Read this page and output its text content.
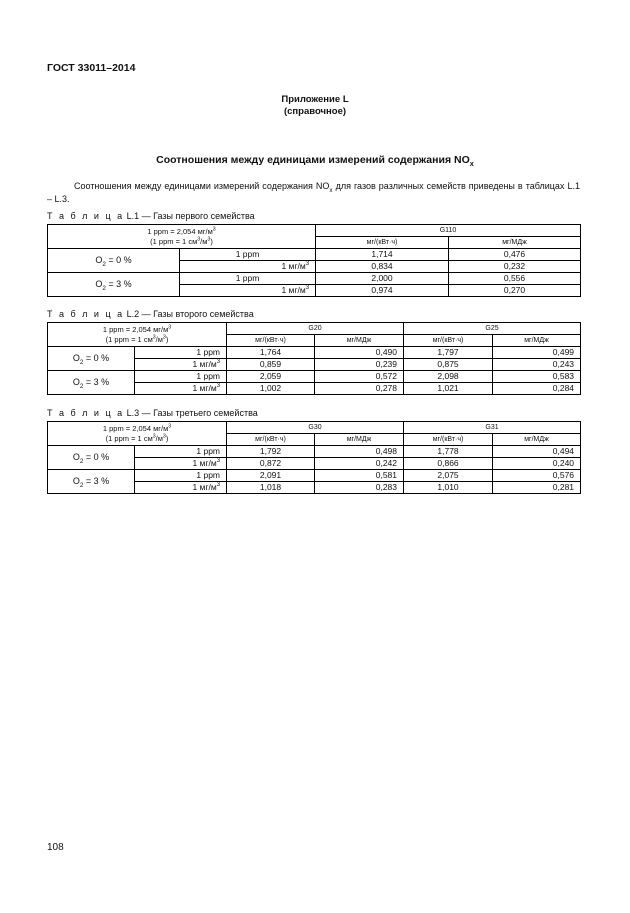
ГОСТ 33011–2014
Приложение L
(справочное)
Соотношения между единицами измерений содержания $NO_x$
Соотношения между единицами измерений содержания $NO_x$ для газов различных семейств приведены в таблицах L.1 – L.3.
Т а б л и ц а L.1 — Газы первого семейства
1 ppm = 2,054 $мг/м^3$
(1 ppm = 1 $см^3/м^3$)		G110	
		мг/(кВт·ч)	мг/МДж
$O_2 = 0$ %	1 ppm	1,714	0,476
	1 $мг/м^3$	0,834	0,232
$O_2 = 3$ %	1 ppm	2,000	0,556
	1 $мг/м^3$	0,974	0,270
Т а б л и ц а L.2 — Газы второго семейства
1 ppm = 2,054 $мг/м^3$
(1 ppm = 1 $см^3/м^3$)		G20		G25	
		мг/(кВт·ч)	мг/МДж	мг/(кВт·ч)	мг/МДж
$O_2 = 0$ %	1 ppm	1,764	0,490	1,797	0,499
	1 $мг/м^3$	0,859	0,239	0,875	0,243
$O_2 = 3$ %	1 ppm	2,059	0,572	2,098	0,583
	1 $мг/м^3$	1,002	0,278	1,021	0,284
Т а б л и ц а L.3 — Газы третьего семейства
1 ppm = 2,054 $мг/м^3$
(1 ppm = 1 $см^3/м^3$)		G30		G31	
		мг/(кВт·ч)	мг/МДж	мг/(кВт·ч)	мг/МДж
$O_2 = 0$ %	1 ppm	1,792	0,498	1,778	0,494
	1 $мг/м^3$	0,872	0,242	0,866	0,240
$O_2 = 3$ %	1 ppm	2,091	0,581	2,075	0,576
	1 $мг/м^3$	1,018	0,283	1,010	0,281
108
